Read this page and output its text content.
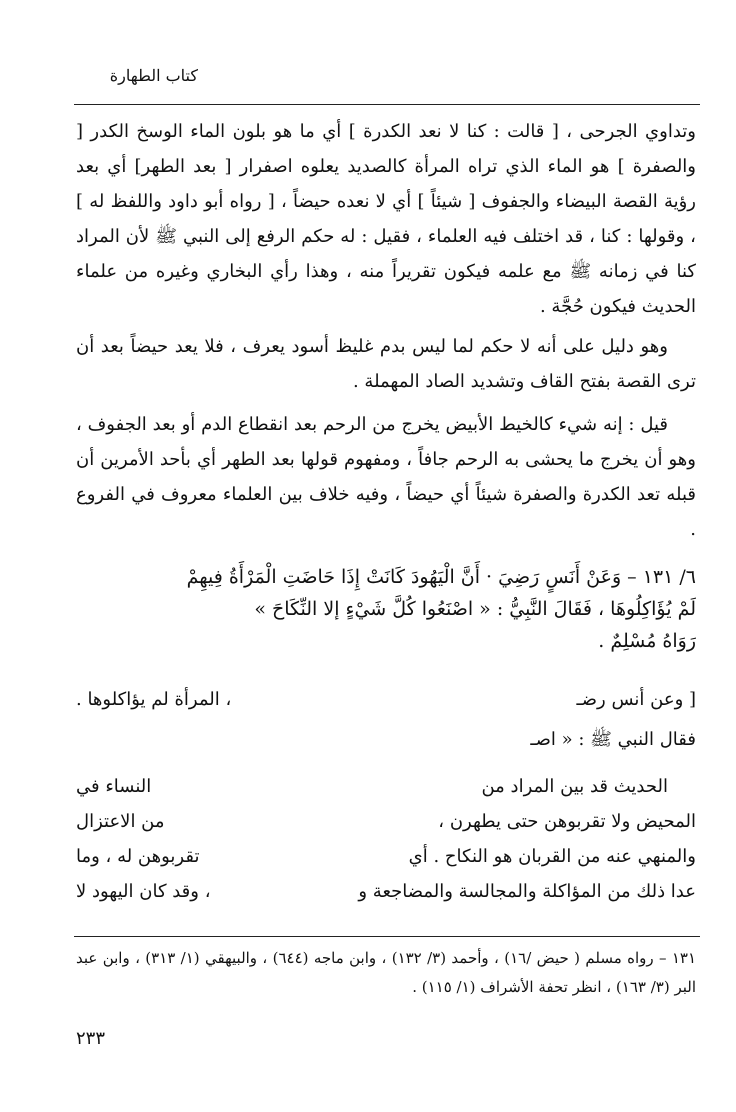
كتاب الطهارة

وتداوي الجرحى ، [ قالت : كنا لا نعد الكدرة ] أي ما هو بلون الماء الوسخ الكدر [ والصفرة ] هو الماء الذي تراه المرأة كالصديد يعلوه اصفرار [ بعد الطهر] أي بعد رؤية القصة البيضاء والجفوف [ شيئاً ] أي لا نعده حيضاً ، [ رواه أبو داود واللفظ له ] ، وقولها : كنا ، قد اختلف فيه العلماء ، فقيل : له حكم الرفع إلى النبي ﷺ لأن المراد كنا في زمانه ﷺ مع علمه فيكون تقريراً منه ، وهذا رأي البخاري وغيره من علماء الحديث فيكون حُجَّة .

وهو دليل على أنه لا حكم لما ليس بدم غليظ أسود يعرف ، فلا يعد حيضاً بعد أن ترى القصة بفتح القاف وتشديد الصاد المهملة .

قيل : إنه شيء كالخيط الأبيض يخرج من الرحم بعد انقطاع الدم أو بعد الجفوف ، وهو أن يخرج ما يحشى به الرحم جافاً ، ومفهوم قولها بعد الطهر أي بأحد الأمرين أن قبله تعد الكدرة والصفرة شيئاً أي حيضاً ، وفيه خلاف بين العلماء معروف في الفروع .

٦/ ١٣١ – وَعَنْ أَنَسٍ رَضِيَ · أَنَّ الْيَهُودَ كَانَتْ إِذَا حَاضَتِ الْمَرْأَةُ فِيهِمْ
لَمْ يُؤَاكِلُوهَا ، فَقَالَ النَّبِيُّ : « اصْنَعُوا كُلَّ شَيْءٍ إلا النِّكَاحَ »
رَوَاهُ مُسْلِمٌ .
[ وعن أنس رضـ
، المرأة لم يؤاكلوها .
فقال النبي ﷺ : « اصـ
الحديث قد بين المراد من
النساء في
المحيض ولا تقربوهن حتى يطهرن ،
من الاعتزال
والمنهي عنه من القربان هو النكاح . أي
تقربوهن له ، وما
عدا ذلك من المؤاكلة والمجالسة والمضاجعة و
، وقد كان اليهود لا
١٣١ – رواه مسلم ( حيض /١٦) ، وأحمد (٣/ ١٣٢) ، وابن ماجه (٦٤٤) ، والبيهقي (١/ ٣١٣) ، وابن عبد البر (٣/ ١٦٣) ، انظر تحفة الأشراف (١/ ١١٥) .
٢٣٣
